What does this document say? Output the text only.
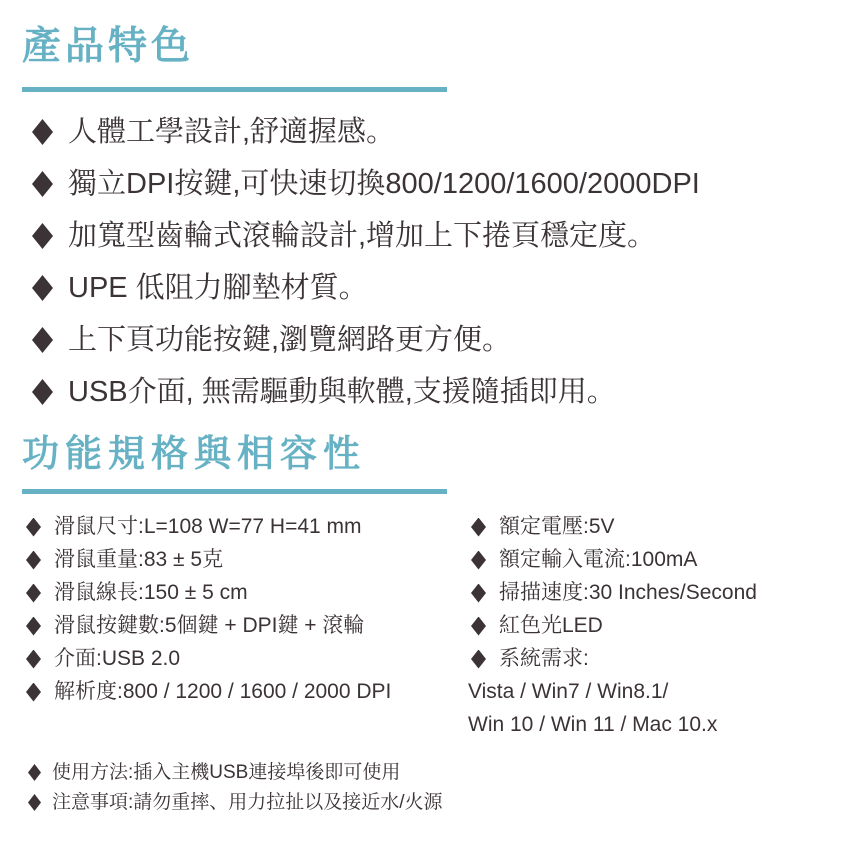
產品特色
人體工學設計,舒適握感。
獨立DPI按鍵,可快速切換800/1200/1600/2000DPI
加寬型齒輪式滾輪設計,增加上下捲頁穩定度。
UPE 低阻力腳墊材質。
上下頁功能按鍵,瀏覽網路更方便。
USB介面, 無需驅動與軟體,支援隨插即用。
功能規格與相容性
滑鼠尺寸:L=108 W=77 H=41 mm
滑鼠重量:83 ± 5克
滑鼠線長:150 ± 5 cm
滑鼠按鍵數:5個鍵 + DPI鍵 + 滾輪
介面:USB 2.0
解析度:800 / 1200 / 1600 / 2000 DPI
額定電壓:5V
額定輸入電流:100mA
掃描速度:30 Inches/Second
紅色光LED
系統需求:
Vista / Win7 / Win8.1/
Win 10 / Win 11 / Mac 10.x
使用方法:插入主機USB連接埠後即可使用
注意事項:請勿重摔、用力拉扯以及接近水/火源
